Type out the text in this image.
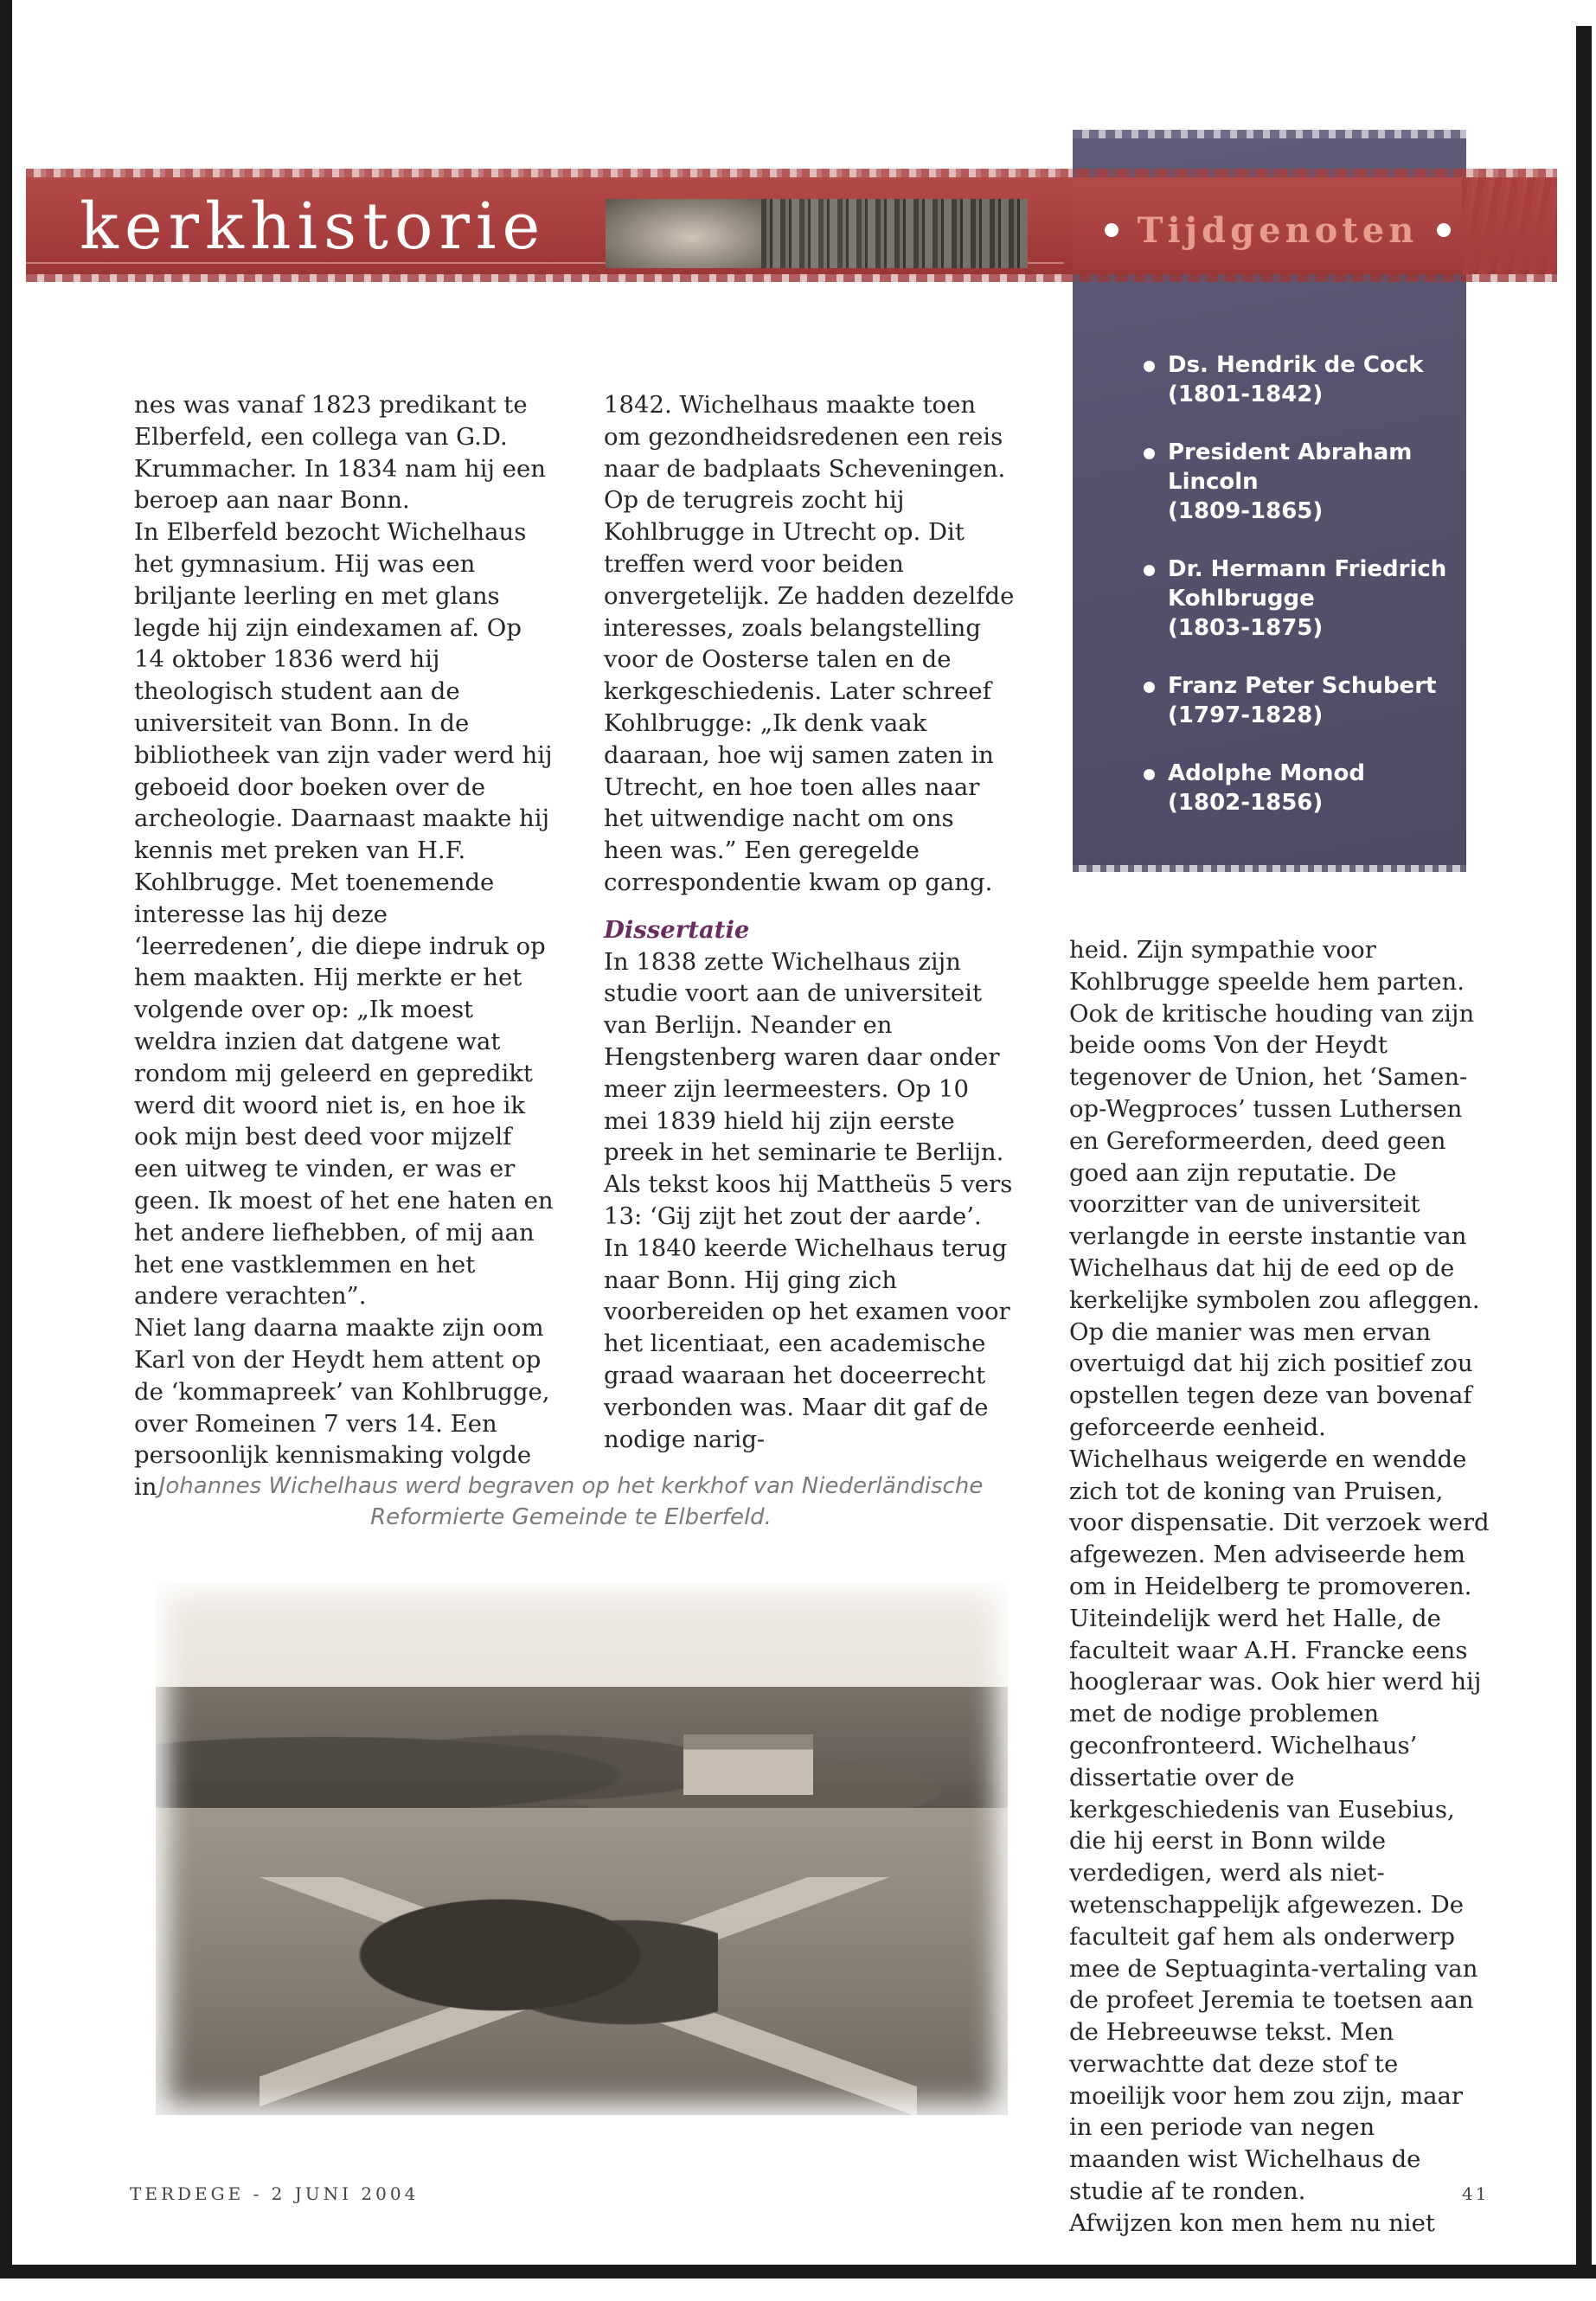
kerkhistorie	Tijdgenoten
Ds. Hendrik de Cock
(1801-1842)
President Abraham Lincoln
(1809-1865)
Dr. Hermann Friedrich Kohlbrugge
(1803-1875)
Franz Peter Schubert
(1797-1828)
Adolphe Monod
(1802-1856)

nes was vanaf 1823 predikant te Elberfeld, een collega van G.D. Krummacher. In 1834 nam hij een beroep aan naar Bonn.

In Elberfeld bezocht Wichelhaus het gymnasium. Hij was een briljante leerling en met glans legde hij zijn eindexamen af. Op 14 oktober 1836 werd hij theologisch student aan de universiteit van Bonn. In de bibliotheek van zijn vader werd hij geboeid door boeken over de archeologie. Daarnaast maakte hij kennis met preken van H.F. Kohlbrugge. Met toenemende interesse las hij deze ‘leerredenen’, die diepe indruk op hem maakten. Hij merkte er het volgende over op: „Ik moest weldra inzien dat datgene wat rondom mij geleerd en gepredikt werd dit woord niet is, en hoe ik ook mijn best deed voor mijzelf een uitweg te vinden, er was er geen. Ik moest of het ene haten en het andere liefhebben, of mij aan het ene vastklemmen en het andere verachten”.

Niet lang daarna maakte zijn oom Karl von der Heydt hem attent op de ‘kommapreek’ van Kohlbrugge, over Romeinen 7 vers 14. Een persoonlijk kennismaking volgde in

1842. Wichelhaus maakte toen om gezondheidsredenen een reis naar de badplaats Scheveningen. Op de terugreis zocht hij Kohlbrugge in Utrecht op. Dit treffen werd voor beiden onvergetelijk. Ze hadden dezelfde interesses, zoals belangstelling voor de Oosterse talen en de kerkgeschiedenis. Later schreef Kohlbrugge: „Ik denk vaak daaraan, hoe wij samen zaten in Utrecht, en hoe toen alles naar het uitwendige nacht om ons heen was.” Een geregelde correspondentie kwam op gang.

Dissertatie

In 1838 zette Wichelhaus zijn studie voort aan de universiteit van Berlijn. Neander en Hengstenberg waren daar onder meer zijn leermeesters. Op 10 mei 1839 hield hij zijn eerste preek in het seminarie te Berlijn. Als tekst koos hij Mattheüs 5 vers 13: ‘Gij zijt het zout der aarde’.

In 1840 keerde Wichelhaus terug naar Bonn. Hij ging zich voorbereiden op het examen voor het licentiaat, een academische graad waaraan het doceerrecht verbonden was. Maar dit gaf de nodige narig-

heid. Zijn sympathie voor Kohlbrugge speelde hem parten. Ook de kritische houding van zijn beide ooms Von der Heydt tegenover de Union, het ‘Samen-op-Wegproces’ tussen Luthersen en Gereformeerden, deed geen goed aan zijn reputatie. De voorzitter van de universiteit verlangde in eerste instantie van Wichelhaus dat hij de eed op de kerkelijke symbolen zou afleggen. Op die manier was men ervan overtuigd dat hij zich positief zou opstellen tegen deze van bovenaf geforceerde eenheid.

Wichelhaus weigerde en wendde zich tot de koning van Pruisen, voor dispensatie. Dit verzoek werd afgewezen. Men adviseerde hem om in Heidelberg te promoveren. Uiteindelijk werd het Halle, de faculteit waar A.H. Francke eens hoogleraar was. Ook hier werd hij met de nodige problemen geconfronteerd. Wichelhaus’ dissertatie over de kerkgeschiedenis van Eusebius, die hij eerst in Bonn wilde verdedigen, werd als niet-wetenschappelijk afgewezen. De faculteit gaf hem als onderwerp mee de Septuaginta-vertaling van de profeet Jeremia te toetsen aan de Hebreeuwse tekst. Men verwachtte dat deze stof te moeilijk voor hem zou zijn, maar in een periode van negen maanden wist Wichelhaus de studie af te ronden.

Afwijzen kon men hem nu niet

Johannes Wichelhaus werd begraven op het kerkhof van Niederländische Reformierte Gemeinde te Elberfeld.
TERDEGE - 2 JUNI 2004	41
